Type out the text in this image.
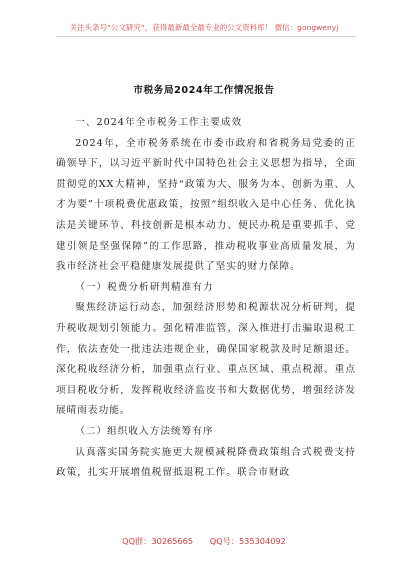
关注头条号“公文研究”，获得最新最全最专业的公文资料库！ 微信：gongwenyj
市税务局2024年工作情况报告

一、2024年全市税务工作主要成效

2024年，全市税务系统在市委市政府和省税务局党委的正确领导下，以习近平新时代中国特色社会主义思想为指导，全面贯彻党的XX大精神，坚持“政策为大、服务为本、创新为重、人才为要”十项税费优惠政策，按照“组织收入是中心任务、优化执法是关键环节、科技创新是根本动力、便民办税是重要抓手、党建引领是坚强保障”的工作思路，推动税收事业高质量发展，为我市经济社会平稳健康发展提供了坚实的财力保障。

（一）税费分析研判精准有力

聚焦经济运行动态，加强经济形势和税源状况分析研判，提升税收规划引领能力。强化精准监管，深入推进打击骗取退税工作，依法查处一批违法违规企业，确保国家税款及时足额退还。深化税收经济分析，加强重点行业、重点区域、重点税源、重点项目税收分析，发挥税收经济监皮书和大数据优势，增强经济发展晴雨表功能。

（二）组织收入方法统筹有序

认真落实国务院实施更大规模减税降费政策组合式税费支持政策，扎实开展增值税留抵退税工作。联合市财政

QQ群：30265665 QQ号：535304092
